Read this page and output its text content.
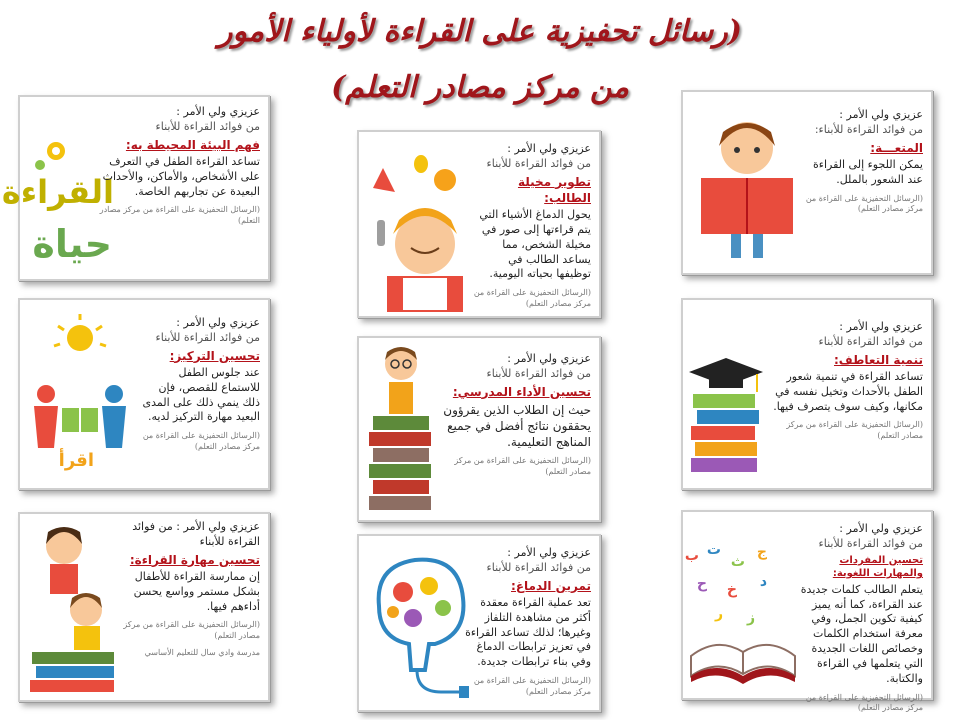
(رسائل تحفيزية على القراءة لأولياء الأمور
من مركز مصادر التعلم)
القراءة
حياة
عزيزي ولي الأمر :
من فوائد القراءة للأبناء
فهم البيئة المحيطة به:
تساعد القراءة الطفل في التعرف على الأشخاص، والأماكن، والأحداث البعيدة عن تجاربهم الخاصة.
(الرسائل التحفيزية على القراءة من مركز مصادر التعلم)
عزيزي ولي الأمر :
من فوائد القراءة للأبناء
تطوير مخيلة الطالب:
يحول الدماغ الأشياء التي يتم قراءتها إلى صور في مخيلة الشخص، مما يساعد الطالب في توظيفها بحياته اليومية.
(الرسائل التحفيزية على القراءة من مركز مصادر التعلم)
عزيزي ولي الأمر :
من فوائد القراءة للأبناء:
المتعـــة:
يمكن اللجوء إلى القراءة عند الشعور بالملل.
(الرسائل التحفيزية على القراءة من مركز مصادر التعلم)
اقرأ
عزيزي ولي الأمر :
من فوائد القراءة للأبناء
تحسين التركيز:
عند جلوس الطفل للاستماع للقصص، فإن ذلك ينمي ذلك على المدى البعيد مهارة التركيز لديه.
(الرسائل التحفيزية على القراءة من مركز مصادر التعلم)
عزيزي ولي الأمر :
من فوائد القراءة للأبناء
تحسين الأداء المدرسي:
حيث إن الطلاب الذين يقرؤون يحققون نتائج أفضل في جميع المناهج التعليمية.
(الرسائل التحفيزية على القراءة من مركز مصادر التعلم)
عزيزي ولي الأمر :
من فوائد القراءة للأبناء
تنمية التعاطف:
تساعد القراءة في تنمية شعور الطفل بالأحداث وتخيل نفسه في مكانها، وكيف سوف يتصرف فيها.
(الرسائل التحفيزية على القراءة من مركز مصادر التعلم)
عزيزي ولي الأمر : من فوائد القراءة للأبناء
تحسين مهارة القراءة:
إن ممارسة القراءة للأطفال بشكل مستمر وواسع يحسن أداءهم فيها.
(الرسائل التحفيزية على القراءة من مركز مصادر التعلم)
مدرسة وادي سال للتعليم الأساسي
عزيزي ولي الأمر :
من فوائد القراءة للأبناء
تمرين الدماغ:
تعد عملية القراءة معقدة أكثر من مشاهدة التلفاز وغيرها؛ لذلك تساعد القراءة في تعزيز ترابطات الدماغ وفي بناء ترابطات جديدة.
(الرسائل التحفيزية على القراءة من مركز مصادر التعلم)
ب ت
ث
ج
ح خ د
ر ز
عزيزي ولي الأمر :
من فوائد القراءة للأبناء
تحسين المفردات والمهارات اللغوية:
يتعلم الطالب كلمات جديدة عند القراءة، كما أنه يميز كيفية تكوين الجمل، وفي معرفة استخدام الكلمات وخصائص اللغات الجديدة التي يتعلمها في القراءة والكتابة.
(الرسائل التحفيزية على القراءة من مركز مصادر التعلم)
